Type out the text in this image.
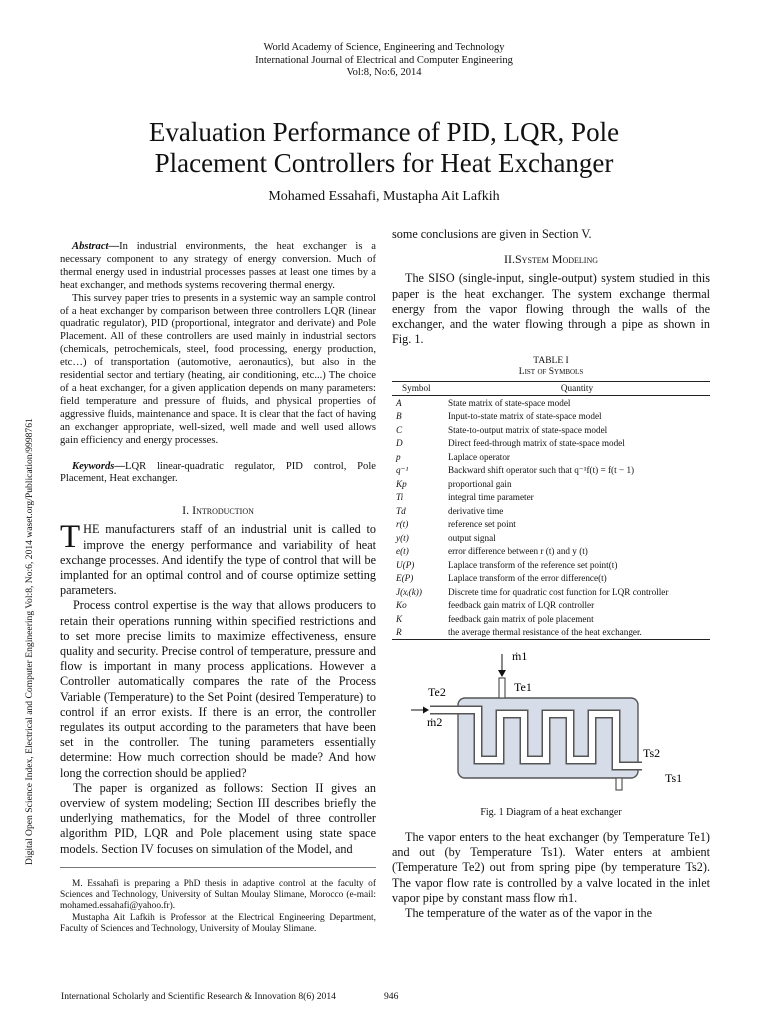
World Academy of Science, Engineering and Technology
International Journal of Electrical and Computer Engineering
Vol:8, No:6, 2014
Evaluation Performance of PID, LQR, Pole
Placement Controllers for Heat Exchanger
Mohamed Essahafi, Mustapha Ait Lafkih
Digital Open Science Index, Electrical and Computer Engineering Vol:8, No:6, 2014 waset.org/Publication/9998761

Abstract—In industrial environments, the heat exchanger is a necessary component to any strategy of energy conversion. Much of thermal energy used in industrial processes passes at least one times by a heat exchanger, and methods systems recovering thermal energy.

This survey paper tries to presents in a systemic way an sample control of a heat exchanger by comparison between three controllers LQR (linear quadratic regulator), PID (proportional, integrator and derivate) and Pole Placement. All of these controllers are used mainly in industrial sectors (chemicals, petrochemicals, steel, food processing, energy production, etc…) of transportation (automotive, aeronautics), but also in the residential sector and tertiary (heating, air conditioning, etc...) The choice of a heat exchanger, for a given application depends on many parameters: field temperature and pressure of fluids, and physical properties of aggressive fluids, maintenance and space. It is clear that the fact of having an exchanger appropriate, well-sized, well made and well used allows gain efficiency and energy processes.

Keywords—LQR linear-quadratic regulator, PID control, Pole Placement, Heat exchanger.

I. Introduction

THE manufacturers staff of an industrial unit is called to improve the energy performance and variability of heat exchange processes. And identify the type of control that will be implanted for an optimal control and of course optimize setting parameters.

Process control expertise is the way that allows producers to retain their operations running within specified restrictions and to set more precise limits to maximize effectiveness, ensure quality and security. Precise control of temperature, pressure and flow is important in many process applications. However a Controller automatically compares the rate of the Process Variable (Temperature) to the Set Point (desired Temperature) to control if an error exists. If there is an error, the controller regulates its output according to the parameters that have been set in the controller. The tuning parameters essentially determine: How much correction should be made? And how long the correction should be applied?

The paper is organized as follows: Section II gives an overview of system modeling; Section III describes briefly the underlying mathematics, for the Model of three controller algorithm PID, LQR and Pole placement using state space models. Section IV focuses on simulation of the Model, and

M. Essahafi is preparing a PhD thesis in adaptive control at the faculty of Sciences and Technology, University of Sultan Moulay Slimane, Morocco (e-mail: mohamed.essahafi@yahoo.fr).

Mustapha Ait Lafkih is Professor at the Electrical Engineering Department, Faculty of Sciences and Technology, University of Moulay Slimane.

some conclusions are given in Section V.

II.System Modeling

The SISO (single-input, single-output) system studied in this paper is the heat exchanger. The system exchange thermal energy from the vapor flowing through the walls of the exchanger, and the water flowing through a pipe as shown in Fig. 1.

TABLE I
List of Symbols
Symbol	Quantity
A	State matrix of state-space model
B	Input-to-state matrix of state-space model
C	State-to-output matrix of state-space model
D	Direct feed-through matrix of state-space model
p	Laplace operator
q⁻¹	Backward shift operator such that q⁻¹f(t) = f(t − 1)
Kp	proportional gain
Ti	integral time parameter
Td	derivative time
r(t)	reference set point
y(t)	output signal
e(t)	error difference between r (t) and y (t)
U(P)	Laplace transform of the reference set point(t)
E(P)	Laplace transform of the error difference(t)
J(xᵢ(k))	Discrete time for quadratic cost function for LQR controller
Ko	feedback gain matrix of LQR controller
K	feedback gain matrix of pole placement
R	the average thermal resistance of the heat exchanger.
ṁ1
Te1
Te2
ṁ2
Ts2
Ts1
Fig. 1 Diagram of a heat exchanger

The vapor enters to the heat exchanger (by Temperature Te1) and out (by Temperature Ts1). Water enters at ambient (Temperature Te2) out from spring pipe (by temperature Ts2). The vapor flow rate is controlled by a valve located in the inlet vapor pipe by constant mass flow ṁ1.

The temperature of the water as of the vapor in the

International Scholarly and Scientific Research & Innovation 8(6) 2014	946
